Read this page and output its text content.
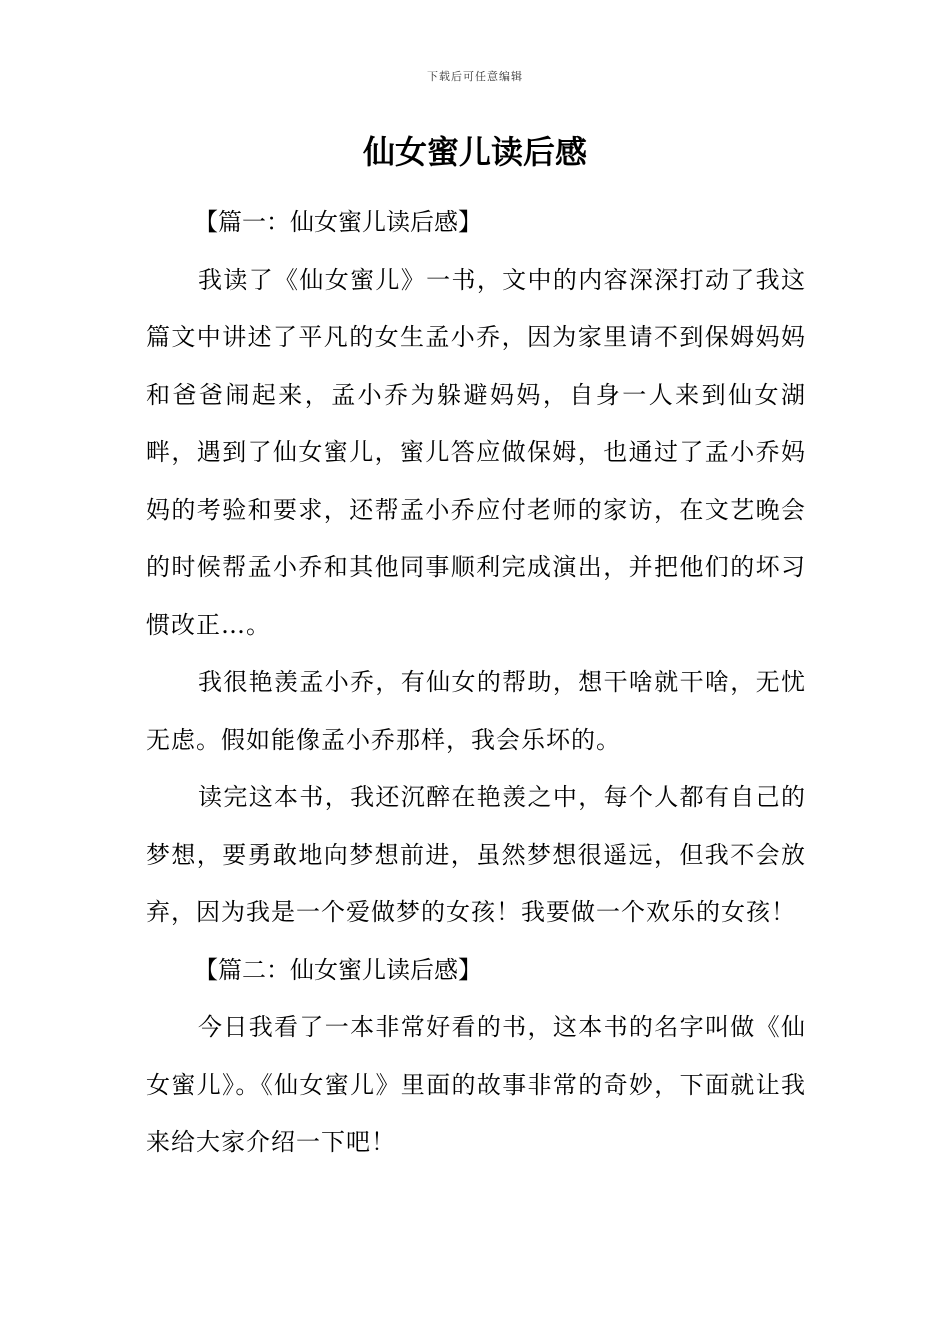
下载后可任意编辑
仙女蜜儿读后感
【篇一：仙女蜜儿读后感】

我读了《仙女蜜儿》一书，文中的内容深深打动了我这篇文中讲述了平凡的女生孟小乔，因为家里请不到保姆妈妈和爸爸闹起来，孟小乔为躲避妈妈，自身一人来到仙女湖畔，遇到了仙女蜜儿，蜜儿答应做保姆，也通过了孟小乔妈妈的考验和要求，还帮孟小乔应付老师的家访，在文艺晚会的时候帮孟小乔和其他同事顺利完成演出，并把他们的坏习惯改正…。

我很艳羡孟小乔，有仙女的帮助，想干啥就干啥，无忧无虑。假如能像孟小乔那样，我会乐坏的。

读完这本书，我还沉醉在艳羡之中，每个人都有自己的梦想，要勇敢地向梦想前进，虽然梦想很遥远，但我不会放弃，因为我是一个爱做梦的女孩！我要做一个欢乐的女孩！

【篇二：仙女蜜儿读后感】

今日我看了一本非常好看的书，这本书的名字叫做《仙女蜜儿》。《仙女蜜儿》里面的故事非常的奇妙，下面就让我来给大家介绍一下吧！
